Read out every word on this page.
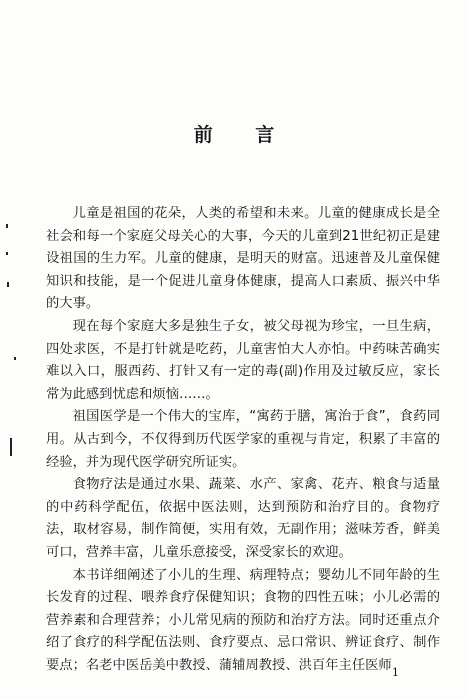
前 言

儿童是祖国的花朵，人类的希望和未来。儿童的健康成长是全社会和每一个家庭父母关心的大事，今天的儿童到21世纪初正是建设祖国的生力军。儿童的健康，是明天的财富。迅速普及儿童保健知识和技能，是一个促进儿童身体健康，提高人口素质、振兴中华的大事。

现在每个家庭大多是独生子女，被父母视为珍宝，一旦生病，四处求医，不是打针就是吃药，儿童害怕大人亦怕。中药味苦确实难以入口，服西药、打针又有一定的毒(副)作用及过敏反应，家长常为此感到忧虑和烦恼……。

祖国医学是一个伟大的宝库，“寓药于膳，寓治于食”，食药同用。从古到今，不仅得到历代医学家的重视与肯定，积累了丰富的经验，并为现代医学研究所证实。

食物疗法是通过水果、蔬菜、水产、家禽、花卉、粮食与适量的中药科学配伍，依据中医法则，达到预防和治疗目的。食物疗法，取材容易，制作简便，实用有效，无副作用；滋味芳香，鲜美可口，营养丰富，儿童乐意接受，深受家长的欢迎。

本书详细阐述了小儿的生理、病理特点；婴幼儿不同年龄的生长发育的过程、喂养食疗保健知识；食物的四性五味；小儿必需的营养素和合理营养；小儿常见病的预防和治疗方法。同时还重点介绍了食疗的科学配伍法则、食疗要点、忌口常识、辨证食疗、制作要点；名老中医岳美中教授、蒲辅周教授、洪百年主任医师 1
